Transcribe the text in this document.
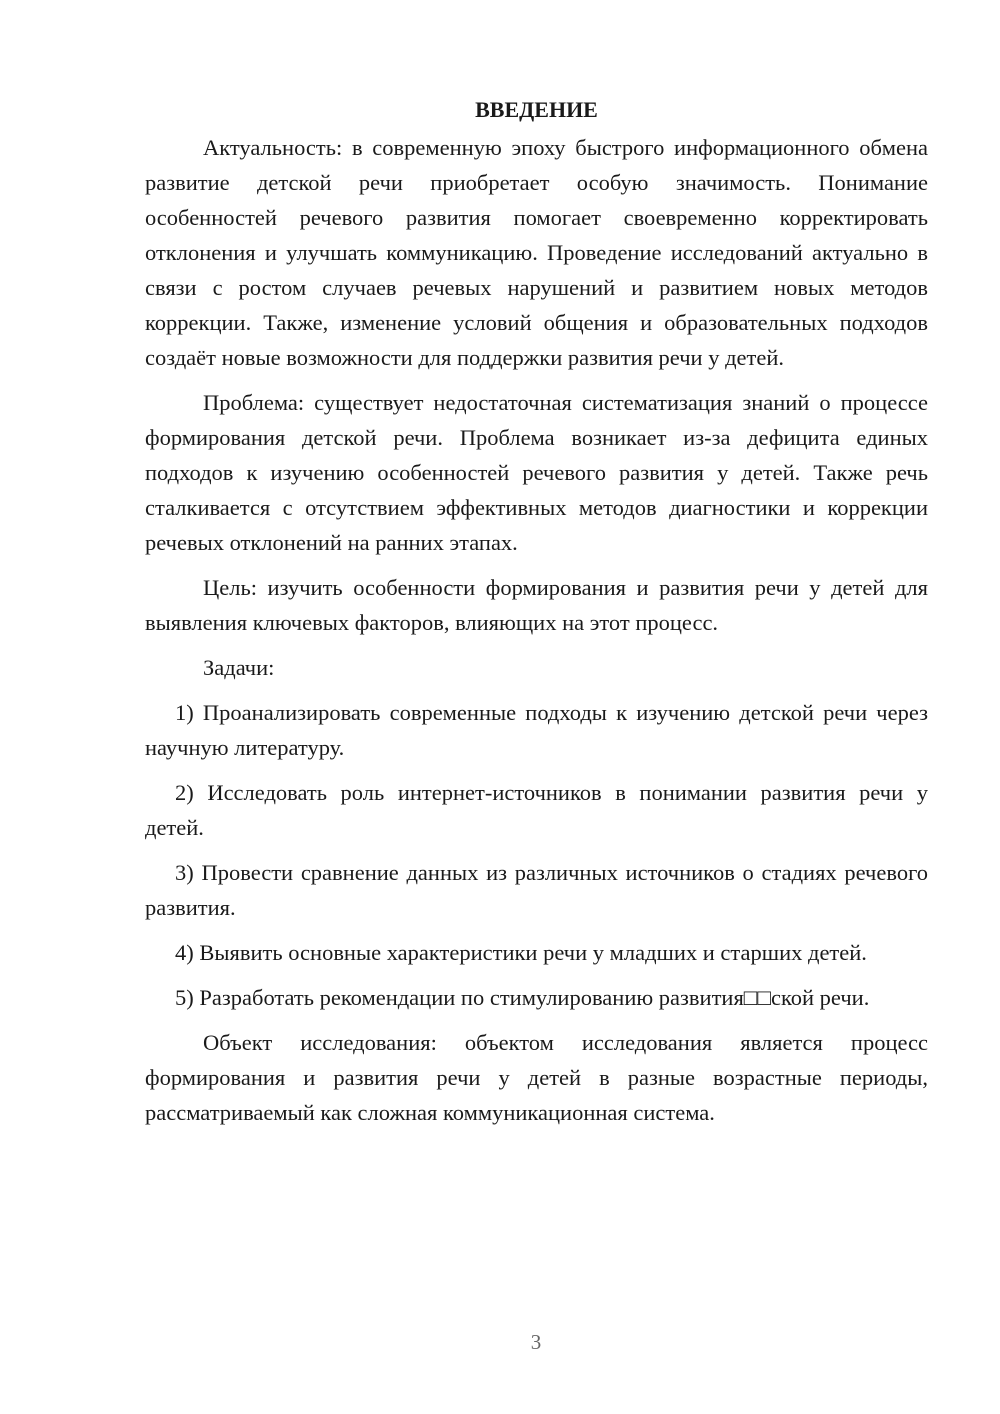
ВВЕДЕНИЕ

Актуальность: в современную эпоху быстрого информационного обмена развитие детской речи приобретает особую значимость. Понимание особенностей речевого развития помогает своевременно корректировать отклонения и улучшать коммуникацию. Проведение исследований актуально в связи с ростом случаев речевых нарушений и развитием новых методов коррекции. Также, изменение условий общения и образовательных подходов создаёт новые возможности для поддержки развития речи у детей.

Проблема: существует недостаточная систематизация знаний о процессе формирования детской речи. Проблема возникает из-за дефицита единых подходов к изучению особенностей речевого развития у детей. Также речь сталкивается с отсутствием эффективных методов диагностики и коррекции речевых отклонений на ранних этапах.

Цель: изучить особенности формирования и развития речи у детей для выявления ключевых факторов, влияющих на этот процесс.

Задачи:

1) Проанализировать современные подходы к изучению детской речи через научную литературу.

2) Исследовать роль интернет-источников в понимании развития речи у детей.

3) Провести сравнение данных из различных источников о стадиях речевого развития.

4) Выявить основные характеристики речи у младших и старших детей.

5) Разработать рекомендации по стимулированию развития□□ской речи.

Объект исследования: объектом исследования является процесс формирования и развития речи у детей в разные возрастные периоды, рассматриваемый как сложная коммуникационная система.

3
